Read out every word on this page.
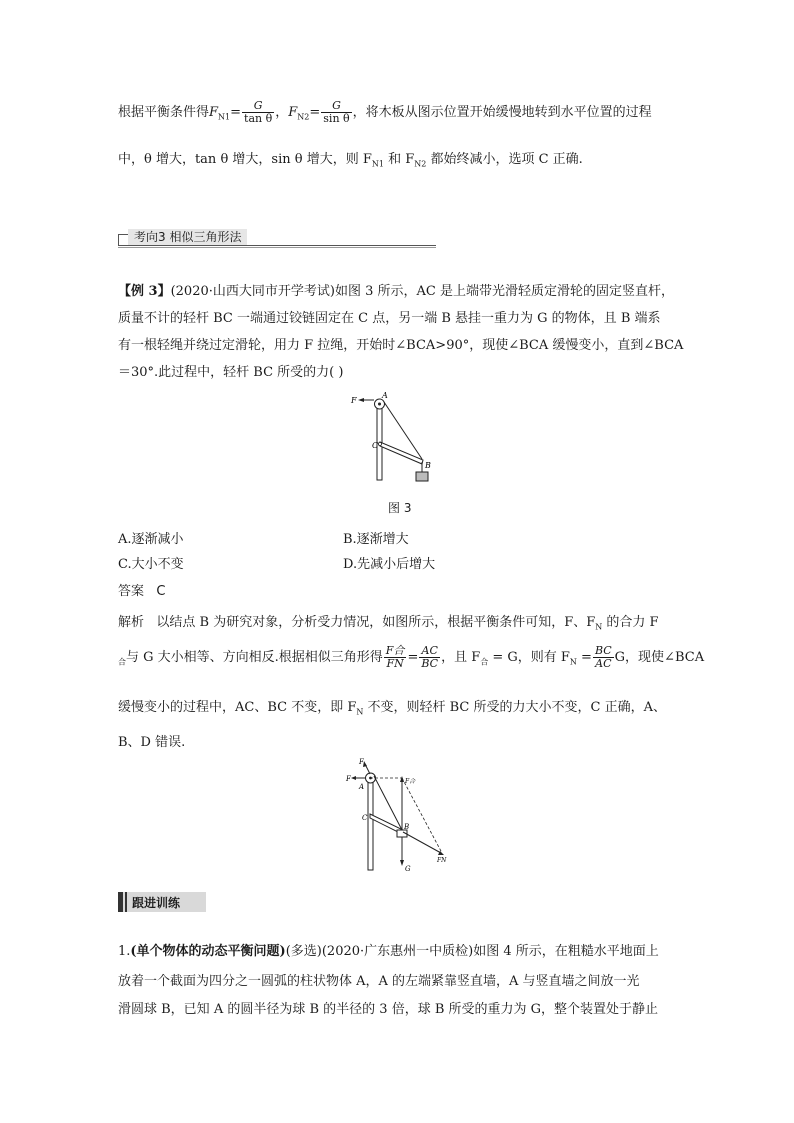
根据平衡条件得$F_{N1}= \frac{G}{\text{tan θ}}$ ，$F_{N2}= \frac{G}{\text{sin θ}}$ ，将木板从图示位置开始缓慢地转到水平位置的过程
中，θ 增大，tan θ 增大，sin θ 增大，则 $F_{N1}$ 和 $F_{N2}$ 都始终减小，选项 C 正确.
考向3 相似三角形法
【例 3】(2020·山西大同市开学考试)如图 3 所示，AC 是上端带光滑轻质定滑轮的固定竖直杆，
质量不计的轻杆 BC 一端通过铰链固定在 C 点，另一端 B 悬挂一重力为 G 的物体，且 B 端系
有一根轻绳并绕过定滑轮，用力 F 拉绳，开始时∠BCA>90°，现使∠BCA 缓慢变小，直到∠BCA
＝30°.此过程中，轻杆 BC 所受的力( )
A
C
B
F
图 3
A.逐渐减小	B.逐渐增大
C.大小不变	D.先减小后增大
答案 C
解析 以结点 B 为研究对象，分析受力情况，如图所示，根据平衡条件可知，F、$F_N$ 的合力 F
$_合$与 G 大小相等、方向相反.根据相似三角形得 $\frac{\text{F合}}{FN} = \frac{AC}{BC}$ ，且 $F_合 = G$，则有 $F_N = \frac{BC}{AC}$ G，现使∠BCA
缓慢变小的过程中，AC、BC 不变，即 $F_N$ 不变，则轻杆 BC 所受的力大小不变，C 正确，A、
B、D 错误.
F
F
A
C
B
F合
FN
G
跟进训练
1.(单个物体的动态平衡问题)(多选)(2020·广东惠州一中质检)如图 4 所示，在粗糙水平地面上
放着一个截面为四分之一圆弧的柱状物体 A，A 的左端紧靠竖直墙，A 与竖直墙之间放一光
滑圆球 B，已知 A 的圆半径为球 B 的半径的 3 倍，球 B 所受的重力为 G，整个装置处于静止
